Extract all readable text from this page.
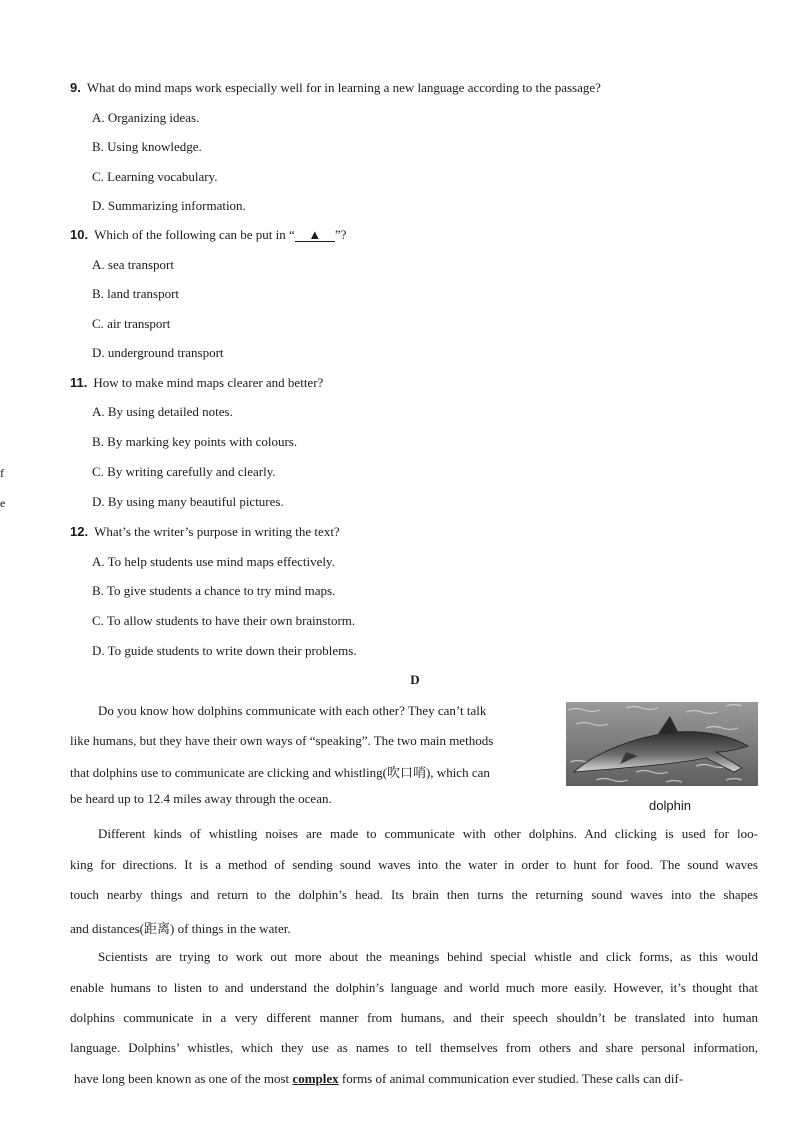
f
e
9. What do mind maps work especially well for in learning a new language according to the passage?
A. Organizing ideas.
B. Using knowledge.
C. Learning vocabulary.
D. Summarizing information.
10. Which of the following can be put in “ ▲ ”?
A. sea transport
B. land transport
C. air transport
D. underground transport
11. How to make mind maps clearer and better?
A. By using detailed notes.
B. By marking key points with colours.
C. By writing carefully and clearly.
D. By using many beautiful pictures.
12. What’s the writer’s purpose in writing the text?
A. To help students use mind maps effectively.
B. To give students a chance to try mind maps.
C. To allow students to have their own brainstorm.
D. To guide students to write down their problems.
D
dolphin
Do you know how dolphins communicate with each other? They can’t talk
like humans, but they have their own ways of “speaking”. The two main methods
that dolphins use to communicate are clicking and whistling(吹口哨), which can
be heard up to 12.4 miles away through the ocean.
Different kinds of whistling noises are made to communicate with other dolphins. And clicking is used for loo-
king for directions. It is a method of sending sound waves into the water in order to hunt for food. The sound waves
touch nearby things and return to the dolphin’s head. Its brain then turns the returning sound waves into the shapes
and distances(距离) of things in the water.
Scientists are trying to work out more about the meanings behind special whistle and click forms, as this would
enable humans to listen to and understand the dolphin’s language and world much more easily. However, it’s thought that
dolphins communicate in a very different manner from humans, and their speech shouldn’t be translated into human
language. Dolphins’ whistles, which they use as names to tell themselves from others and share personal information,
have long been known as one of the most complex forms of animal communication ever studied. These calls can dif-
